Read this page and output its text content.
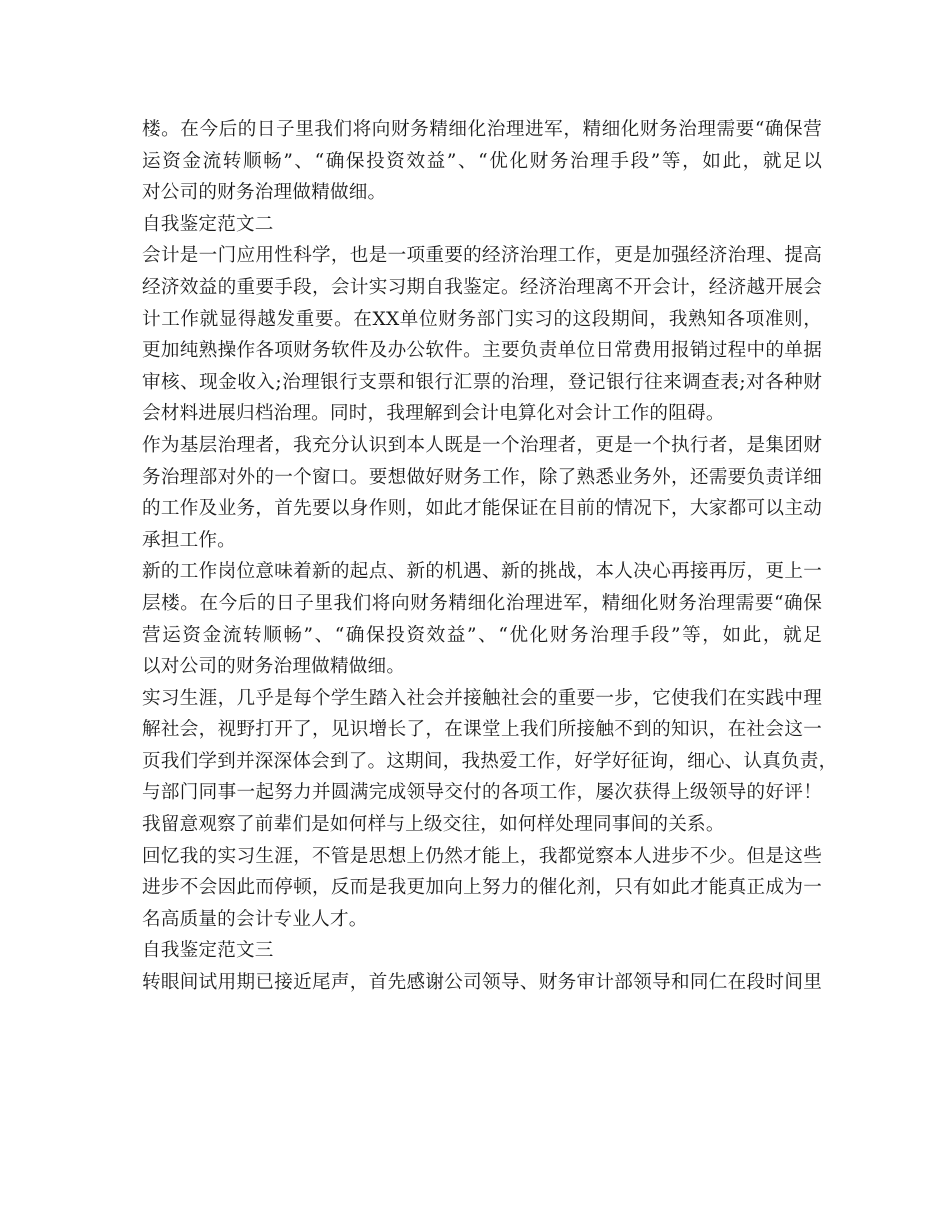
楼。在今后的日子里我们将向财务精细化治理进军，精细化财务治理需要“确保营
运资金流转顺畅”、“确保投资效益”、“优化财务治理手段”等，如此，就足以
对公司的财务治理做精做细。
自我鉴定范文二
会计是一门应用性科学，也是一项重要的经济治理工作，更是加强经济治理、提高
经济效益的重要手段，会计实习期自我鉴定。经济治理离不开会计，经济越开展会
计工作就显得越发重要。在XX单位财务部门实习的这段期间，我熟知各项准则，
更加纯熟操作各项财务软件及办公软件。主要负责单位日常费用报销过程中的单据
审核、现金收入;治理银行支票和银行汇票的治理，登记银行往来调查表;对各种财
会材料进展归档治理。同时，我理解到会计电算化对会计工作的阻碍。
作为基层治理者，我充分认识到本人既是一个治理者，更是一个执行者，是集团财
务治理部对外的一个窗口。要想做好财务工作，除了熟悉业务外，还需要负责详细
的工作及业务，首先要以身作则，如此才能保证在目前的情况下，大家都可以主动
承担工作。
新的工作岗位意味着新的起点、新的机遇、新的挑战，本人决心再接再厉，更上一
层楼。在今后的日子里我们将向财务精细化治理进军，精细化财务治理需要“确保
营运资金流转顺畅”、“确保投资效益”、“优化财务治理手段”等，如此，就足
以对公司的财务治理做精做细。
实习生涯，几乎是每个学生踏入社会并接触社会的重要一步，它使我们在实践中理
解社会，视野打开了，见识增长了，在课堂上我们所接触不到的知识，在社会这一
页我们学到并深深体会到了。这期间，我热爱工作，好学好征询，细心、认真负责，
与部门同事一起努力并圆满完成领导交付的各项工作，屡次获得上级领导的好评！
我留意观察了前辈们是如何样与上级交往，如何样处理同事间的关系。
回忆我的实习生涯，不管是思想上仍然才能上，我都觉察本人进步不少。但是这些
进步不会因此而停顿，反而是我更加向上努力的催化剂，只有如此才能真正成为一
名高质量的会计专业人才。
自我鉴定范文三
转眼间试用期已接近尾声，首先感谢公司领导、财务审计部领导和同仁在段时间里
